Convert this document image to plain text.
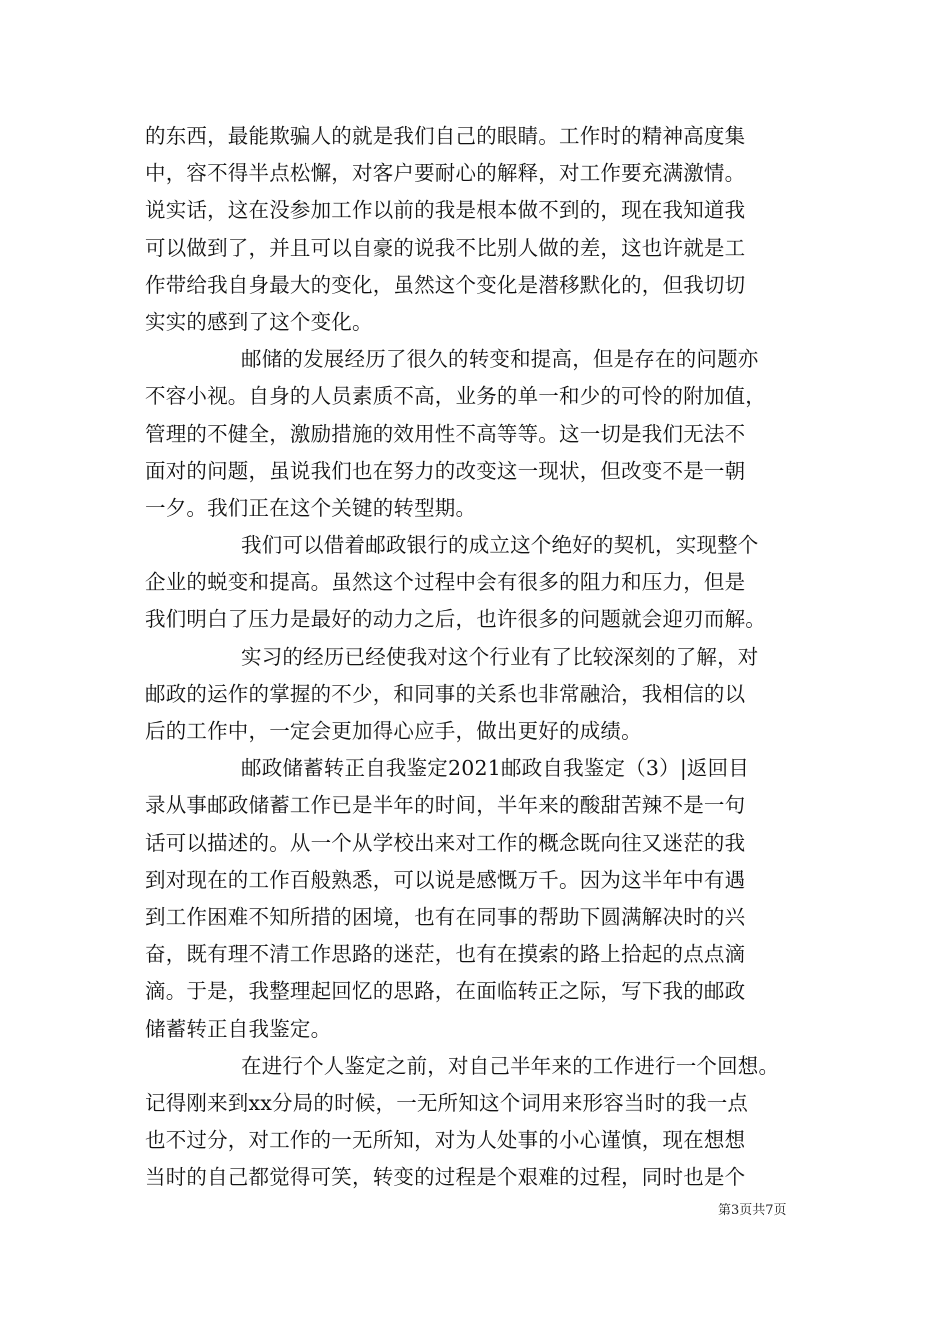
的东西，最能欺骗人的就是我们自己的眼睛。工作时的精神高度集
中，容不得半点松懈，对客户要耐心的解释，对工作要充满激情。
说实话，这在没参加工作以前的我是根本做不到的，现在我知道我
可以做到了，并且可以自豪的说我不比别人做的差，这也许就是工
作带给我自身最大的变化，虽然这个变化是潜移默化的，但我切切
实实的感到了这个变化。
邮储的发展经历了很久的转变和提高，但是存在的问题亦
不容小视。自身的人员素质不高，业务的单一和少的可怜的附加值，
管理的不健全，激励措施的效用性不高等等。这一切是我们无法不
面对的问题，虽说我们也在努力的改变这一现状，但改变不是一朝
一夕。我们正在这个关键的转型期。
我们可以借着邮政银行的成立这个绝好的契机，实现整个
企业的蜕变和提高。虽然这个过程中会有很多的阻力和压力，但是
我们明白了压力是最好的动力之后，也许很多的问题就会迎刃而解。
实习的经历已经使我对这个行业有了比较深刻的了解，对
邮政的运作的掌握的不少，和同事的关系也非常融洽，我相信的以
后的工作中，一定会更加得心应手，做出更好的成绩。
邮政储蓄转正自我鉴定2021邮政自我鉴定（3）|返回目
录从事邮政储蓄工作已是半年的时间，半年来的酸甜苦辣不是一句
话可以描述的。从一个从学校出来对工作的概念既向往又迷茫的我
到对现在的工作百般熟悉，可以说是感慨万千。因为这半年中有遇
到工作困难不知所措的困境，也有在同事的帮助下圆满解决时的兴
奋，既有理不清工作思路的迷茫，也有在摸索的路上拾起的点点滴
滴。于是，我整理起回忆的思路，在面临转正之际，写下我的邮政
储蓄转正自我鉴定。
在进行个人鉴定之前，对自己半年来的工作进行一个回想。
记得刚来到xx分局的时候，一无所知这个词用来形容当时的我一点
也不过分，对工作的一无所知，对为人处事的小心谨慎，现在想想
当时的自己都觉得可笑，转变的过程是个艰难的过程，同时也是个
第3页共7页
